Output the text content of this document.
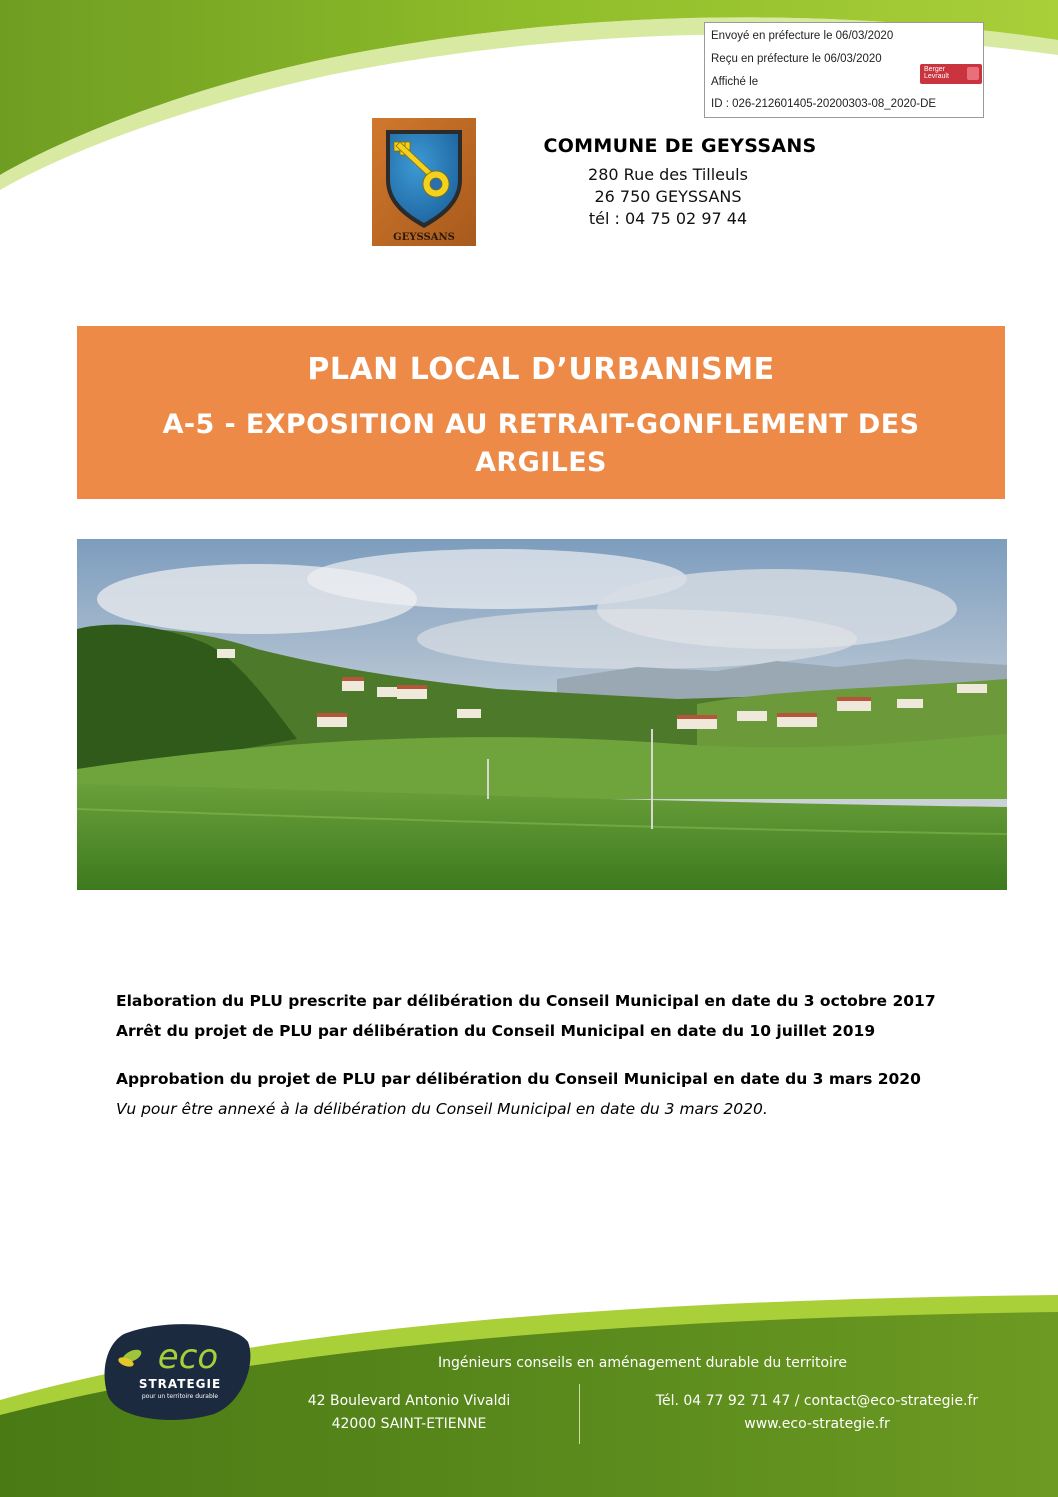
Envoyé en préfecture le 06/03/2020
Reçu en préfecture le 06/03/2020
Affiché le
ID : 026-212601405-20200303-08_2020-DE
Berger
Levrault
GEYSSANS
COMMUNE DE GEYSSANS
280 Rue des Tilleuls
26 750 GEYSSANS
tél : 04 75 02 97 44
PLAN LOCAL D’URBANISME
A-5 - EXPOSITION AU RETRAIT-GONFLEMENT DES ARGILES
Elaboration du PLU prescrite par délibération du Conseil Municipal en date du 3 octobre 2017
Arrêt du projet de PLU par délibération du Conseil Municipal en date du 10 juillet 2019
Approbation du projet de PLU par délibération du Conseil Municipal en date du 3 mars 2020
Vu pour être annexé à la délibération du Conseil Municipal en date du 3 mars 2020.
eco
STRATEGIE
pour un territoire durable
Ingénieurs conseils en aménagement durable du territoire
42 Boulevard Antonio Vivaldi
42000 SAINT-ETIENNE
Tél. 04 77 92 71 47 / contact@eco-strategie.fr
www.eco-strategie.fr
